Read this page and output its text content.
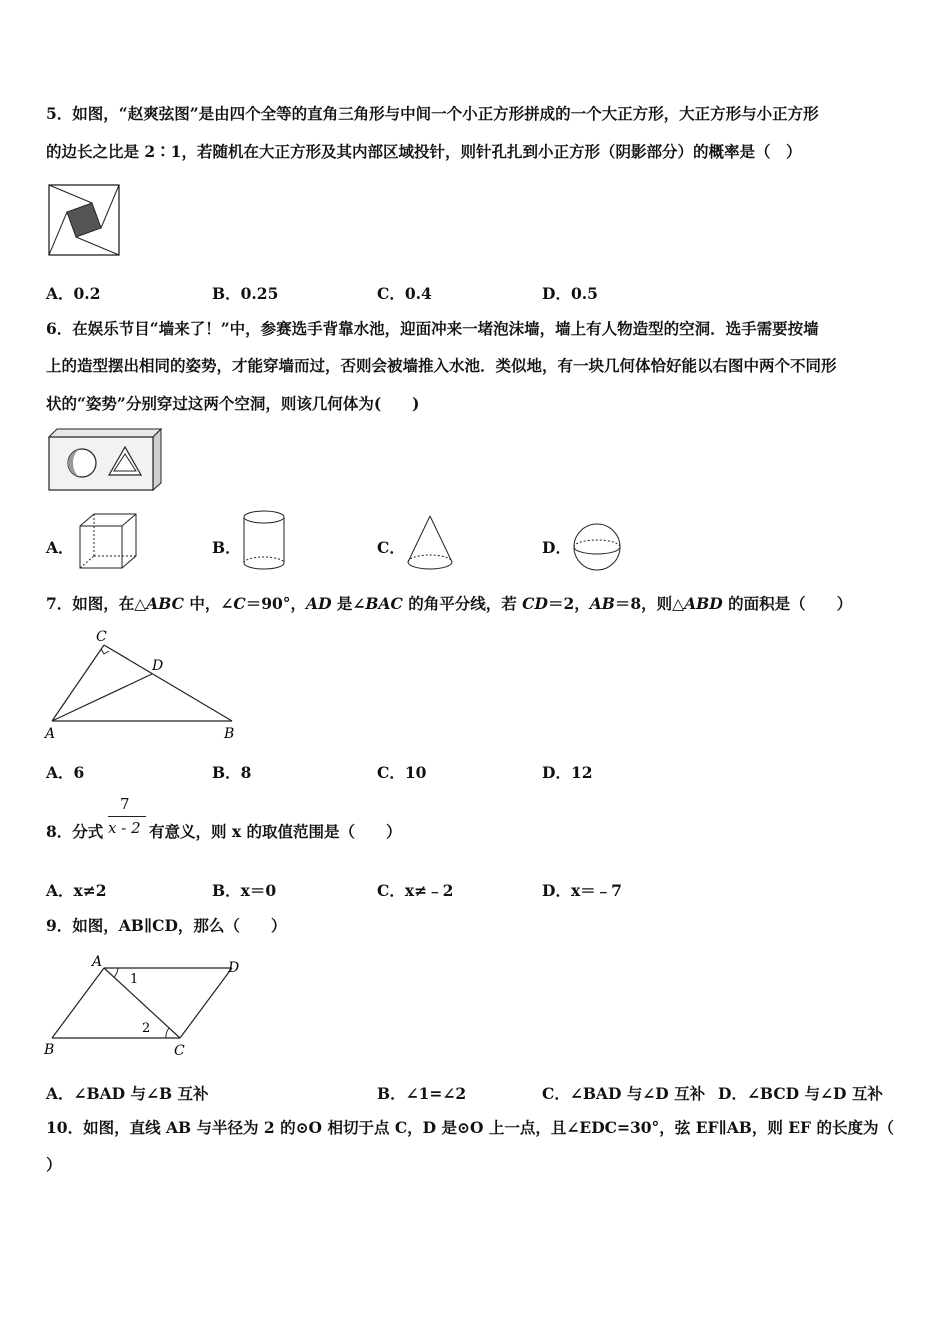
5．如图，“赵爽弦图”是由四个全等的直角三角形与中间一个小正方形拼成的一个大正方形，大正方形与小正方形
的边长之比是 2∶1，若随机在大正方形及其内部区域投针，则针孔扎到小正方形（阴影部分）的概率是（　）
A．0.2	B．0.25	C．0.4	D．0.5
6．在娱乐节目“墙来了！”中，参赛选手背靠水池，迎面冲来一堵泡沫墙，墙上有人物造型的空洞．选手需要按墙
上的造型摆出相同的姿势，才能穿墙而过，否则会被墙推入水池．类似地，有一块几何体恰好能以右图中两个不同形
状的“姿势”分别穿过这两个空洞，则该几何体为(　　)
A．	B．	C．	D．
7．如图，在△ABC 中，∠C＝90°，AD 是∠BAC 的角平分线，若 CD＝2，AB＝8，则△ABD 的面积是（　　）
C
D
A	B
A．6	B．8	C．10	D．12
8．分式
7
x - 2 有意义，则 x 的取值范围是（　　）
A．x≠2	B．x＝0	C．x≠﹣2	D．x＝﹣7
9．如图，AB∥CD，那么（　　）
A	D
B	C
1
2
A．∠BAD 与∠B 互补	B．∠1=∠2	C．∠BAD 与∠D 互补 D．∠BCD 与∠D 互补
10．如图，直线 AB 与半径为 2 的⊙O 相切于点 C，D 是⊙O 上一点，且∠EDC=30°，弦 EF∥AB，则 EF 的长度为（
）
